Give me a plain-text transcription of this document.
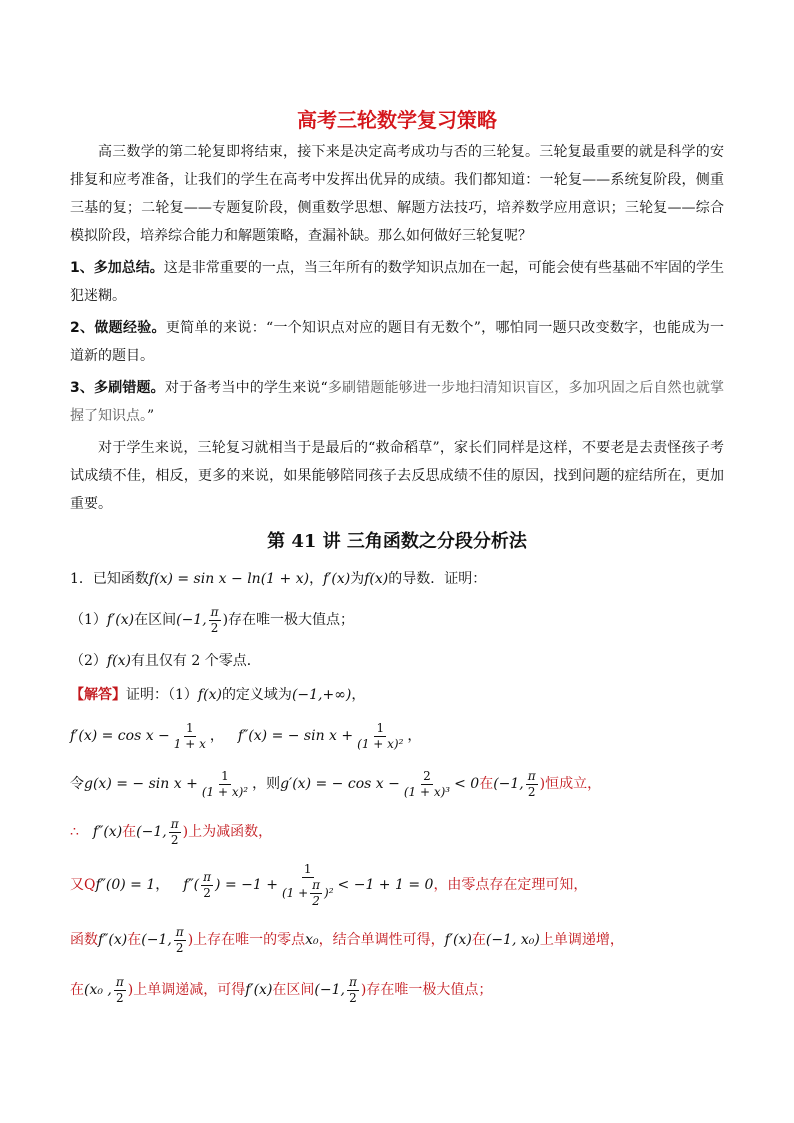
高考三轮数学复习策略

高三数学的第二轮复即将结束，接下来是决定高考成功与否的三轮复。三轮复最重要的就是科学的安排复和应考准备，让我们的学生在高考中发挥出优异的成绩。我们都知道：一轮复——系统复阶段，侧重三基的复；二轮复——专题复阶段，侧重数学思想、解题方法技巧，培养数学应用意识；三轮复——综合模拟阶段，培养综合能力和解题策略，查漏补缺。那么如何做好三轮复呢？

1、多加总结。这是非常重要的一点，当三年所有的数学知识点加在一起，可能会使有些基础不牢固的学生犯迷糊。

2、做题经验。更简单的来说：“一个知识点对应的题目有无数个”，哪怕同一题只改变数字，也能成为一道新的题目。

3、多刷错题。对于备考当中的学生来说“多刷错题能够进一步地扫清知识盲区，多加巩固之后自然也就掌握了知识点。”

对于学生来说，三轮复习就相当于是最后的“救命稻草”，家长们同样是这样，不要老是去责怪孩子考试成绩不佳，相反，更多的来说，如果能够陪同孩子去反思成绩不佳的原因，找到问题的症结所在，更加重要。

第 41 讲 三角函数之分段分析法
1．已知函数 f(x) = sin x − ln(1 + x) ， f′(x) 为 f(x) 的导数．证明：
（1） f′(x) 在区间 (−1, $\frac{\pi}{2}$ ) 存在唯一极大值点；
（2） f(x) 有且仅有 2 个零点．
【解答】 证明：（1） f(x) 的定义域为 (−1,+∞) ，
$f'(x) = \cos x - \frac{1}{1 + x}$ ， f″(x) = − $\sin x + \frac{1}{\text{(1 + x)²}}$ ，
令 g(x) = − $\sin x + \frac{1}{\text{(1 + x)²}}$ ，则 g′(x) = − $\cos x - \frac{2}{\text{(1 + x)³}} < 0$ 在 (−1, $\frac{\pi}{2}$ )恒成立，
∴ f″(x) 在 (−1, $\frac{\pi}{2}$ )上为减函数，
又Q f″(0) = 1 ， $f''( \frac{\pi}{2}$ ) = $-1 + \frac{1}{(1 + \frac{\pi}{2} )^2} < -1 + 1 = 0$ ，由零点存在定理可知，
函数 f″(x) 在 (−1, $\frac{\pi}{2}$ )上存在唯一的零点 x₀ ，结合单调性可得， f′(x) 在 (−1, x₀) 上单调递增，
在 (x₀ , $\frac{\pi}{2}$ )上单调递减，可得 f′(x) 在区间 (−1, $\frac{\pi}{2}$ )存在唯一极大值点；
